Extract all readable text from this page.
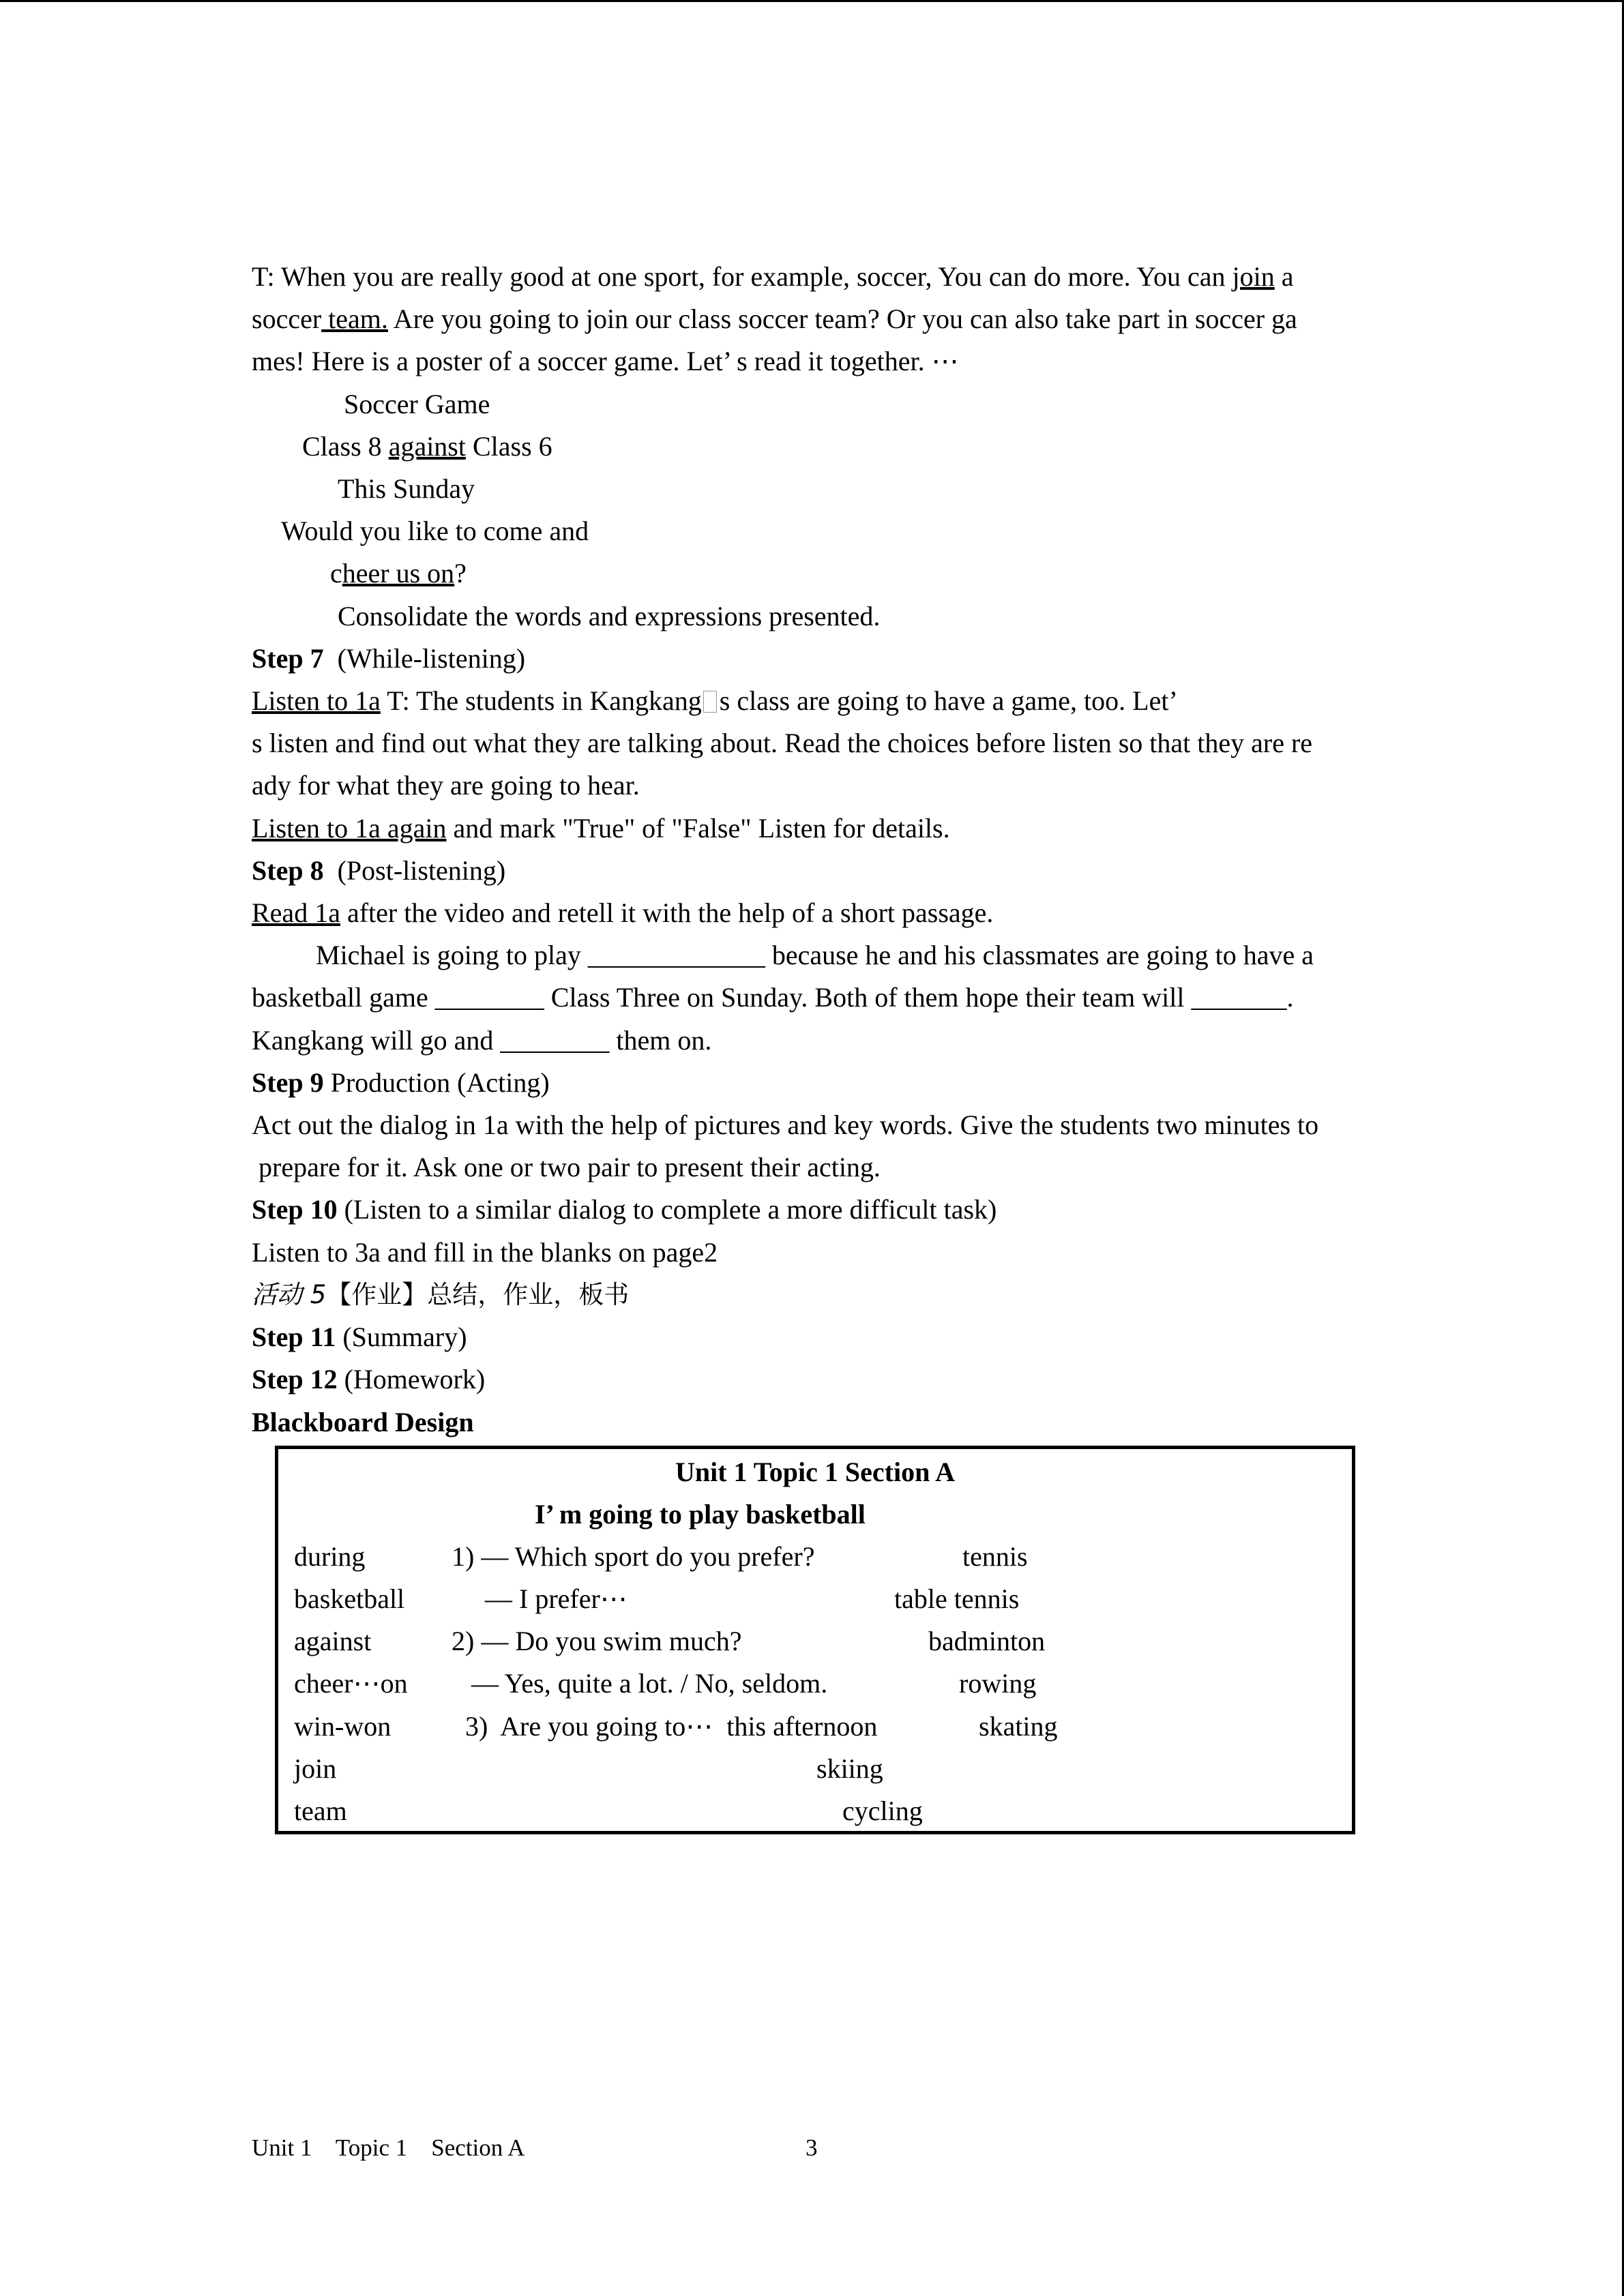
T: When you are really good at one sport, for example, soccer, You can do more. You can join a
soccer team. Are you going to join our class soccer team? Or you can also take part in soccer ga
mes! Here is a poster of a soccer game. Let’ s read it together. ⋯
Soccer Game
Class 8 against Class 6
This Sunday
Would you like to come and
cheer us on?
Consolidate the words and expressions presented.
Step 7  (While-listening)
Listen to 1a T: The students in Kangkang s class are going to have a game, too. Let’
s listen and find out what they are talking about. Read the choices before listen so that they are re
ady for what they are going to hear.
Listen to 1a again and mark "True" of "False" Listen for details.
Step 8  (Post-listening)
Read 1a after the video and retell it with the help of a short passage.
Michael is going to play _____________ because he and his classmates are going to have a
basketball game ________ Class Three on Sunday. Both of them hope their team will _______.
Kangkang will go and ________ them on.
Step 9 Production (Acting)
Act out the dialog in 1a with the help of pictures and key words. Give the students two minutes to
prepare for it. Ask one or two pair to present their acting.
Step 10 (Listen to a similar dialog to complete a more difficult task)
Listen to 3a and fill in the blanks on page2
活动 5【作业】总结，作业，板书
Step 11 (Summary)
Step 12 (Homework)
Blackboard Design
Unit 1 Topic 1 Section A
I’ m going to play basketball
during
basketball
against
cheer⋯on
win-won
join
team
1) — Which sport do you prefer?
— I prefer⋯
2) — Do you swim much?
— Yes, quite a lot. / No, seldom.
3)  Are you going to⋯  this afternoon
tennis
table tennis
badminton
rowing
skating
skiing
cycling
Unit 1    Topic 1    Section A	3
